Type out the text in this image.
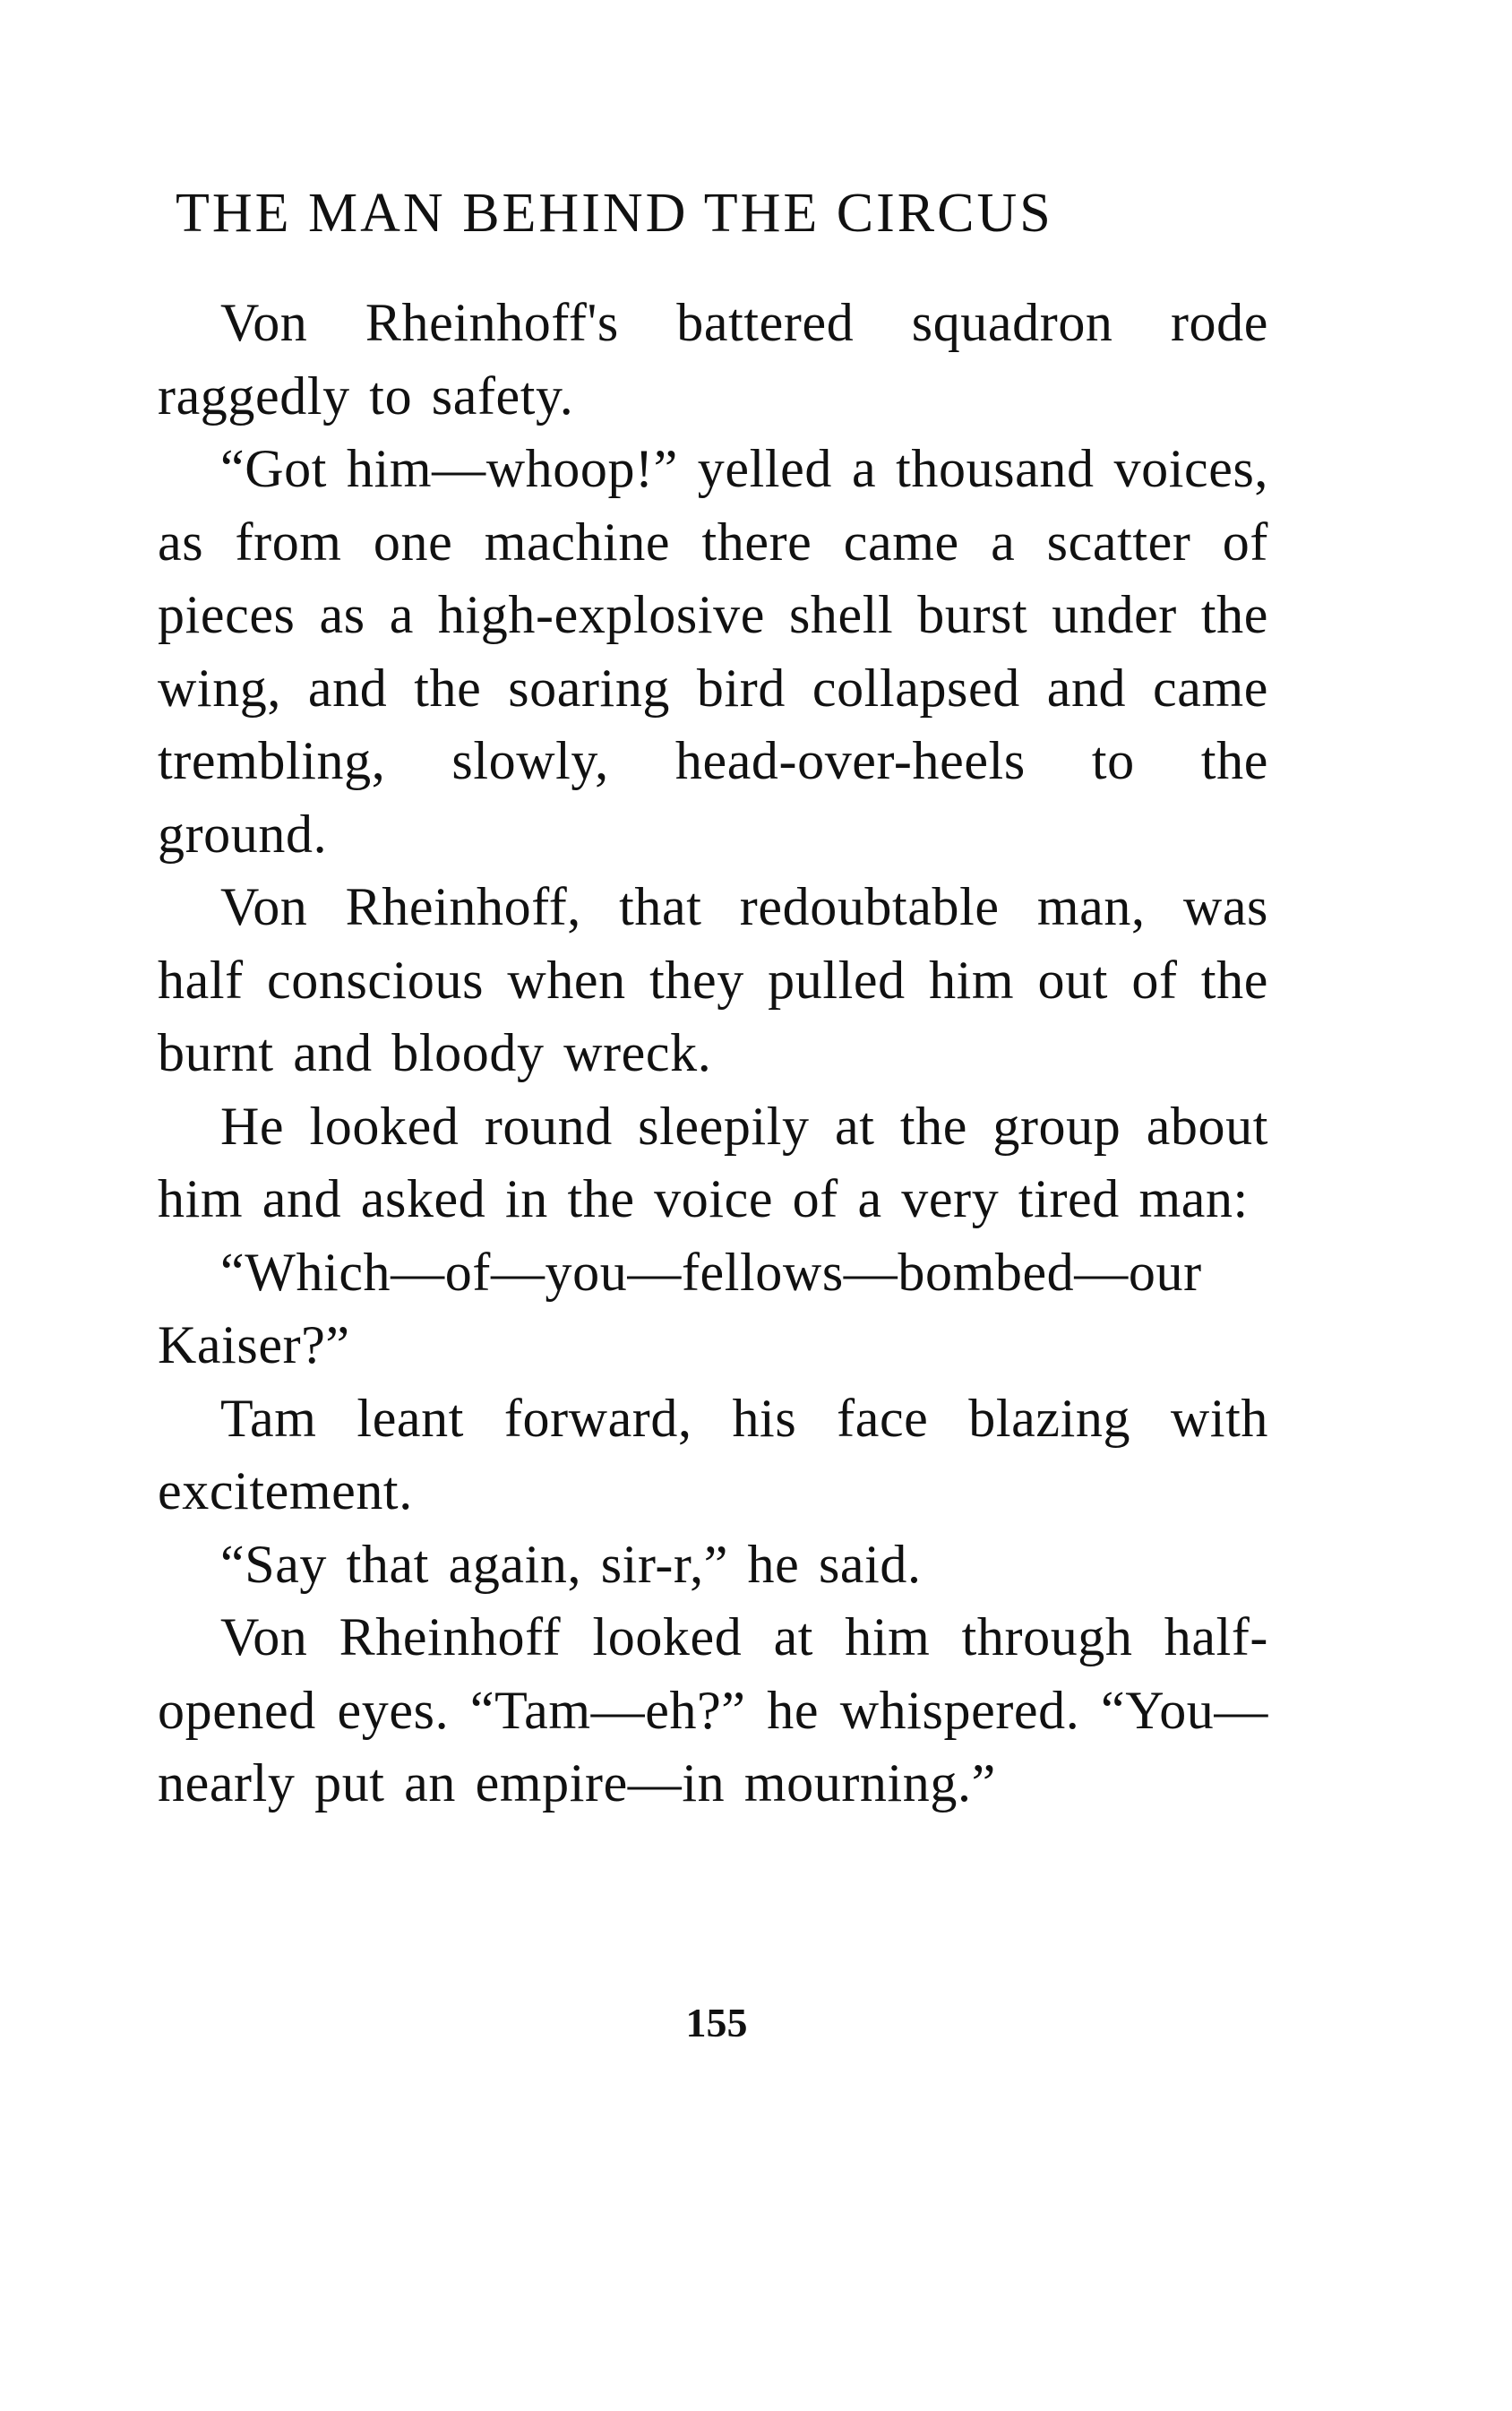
THE MAN BEHIND THE CIRCUS

Von Rheinhoff's battered squadron rode raggedly to safety.

“Got him—whoop!” yelled a thousand voices, as from one machine there came a scatter of pieces as a high-explosive shell burst under the wing, and the soaring bird collapsed and came trembling, slowly, head-over-heels to the ground.

Von Rheinhoff, that redoubtable man, was half conscious when they pulled him out of the burnt and bloody wreck.

He looked round sleepily at the group about him and asked in the voice of a very tired man:

“Which—of—you—fellows—bombed—our Kaiser?”

Tam leant forward, his face blazing with excitement.

“Say that again, sir-r,” he said.

Von Rheinhoff looked at him through half-opened eyes. “Tam—eh?” he whispered. “You—nearly put an empire—in mourning.”

155
